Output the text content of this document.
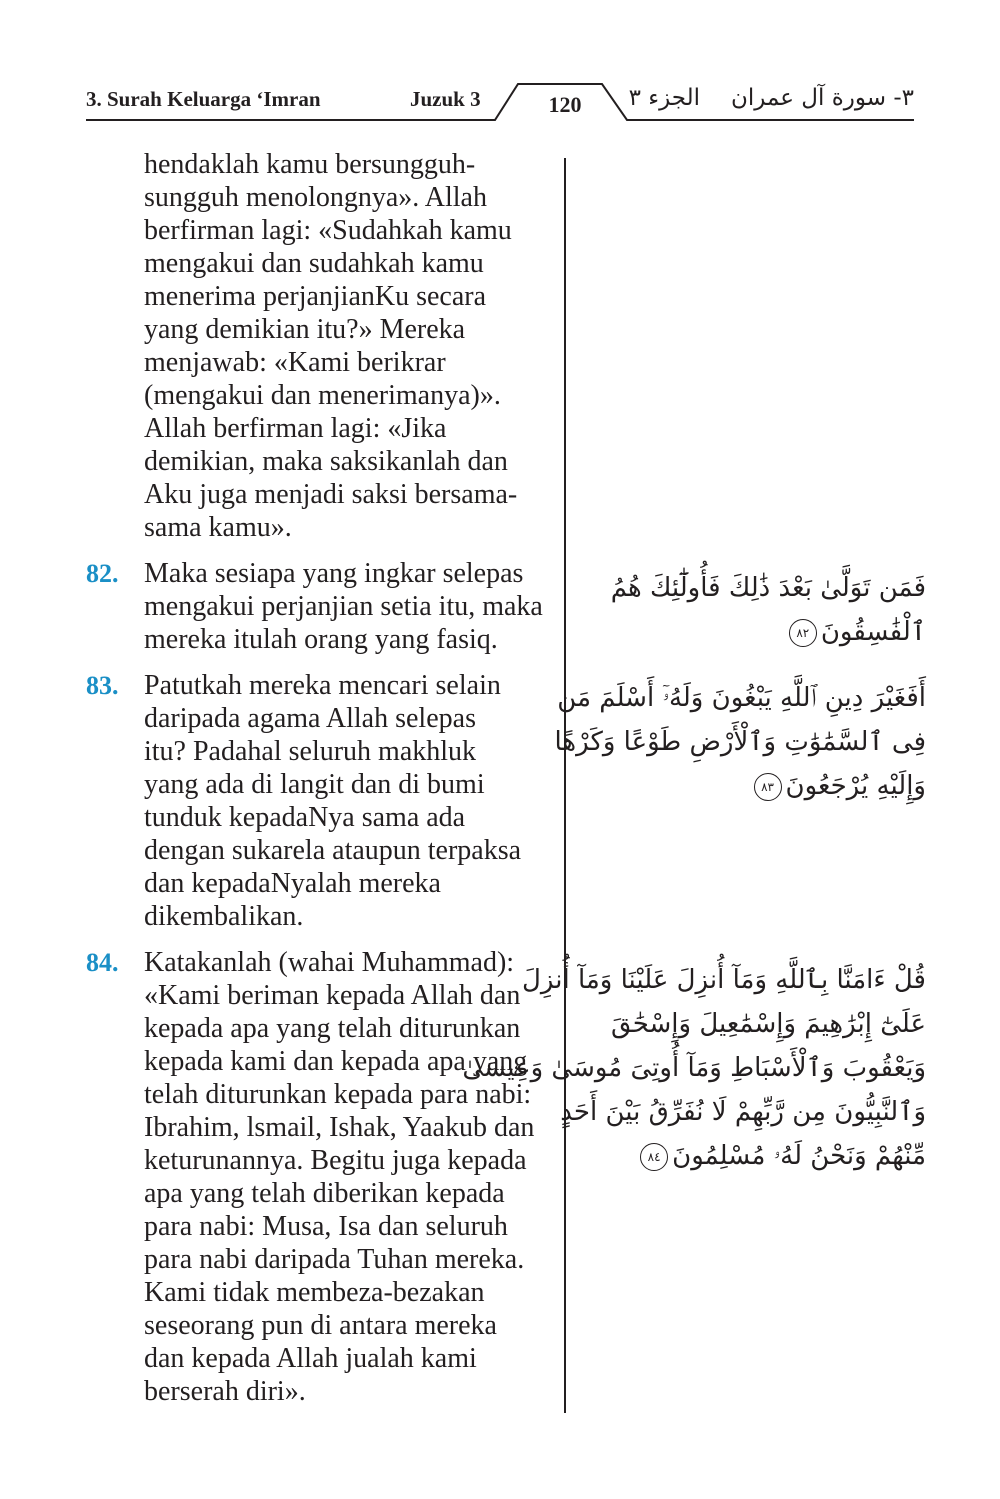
3. Surah Keluarga ‘Imran	Juzuk 3	120	الجزء ٣ ٣- سورة آل عمران
hendaklah kamu bersungguh-
sungguh menolongnya». Allah
berfirman lagi: «Sudahkah kamu
mengakui dan sudahkah kamu
menerima perjanjianKu secara
yang demikian itu?» Mereka
menjawab: «Kami berikrar
(mengakui dan menerimanya)».
Allah berfirman lagi: «Jika
demikian, maka saksikanlah dan
Aku juga menjadi saksi bersama-
sama kamu».
82. Maka sesiapa yang ingkar selepas
mengakui perjanjian setia itu, maka
mereka itulah orang yang fasiq.
83. Patutkah mereka mencari selain
daripada agama Allah selepas
itu? Padahal seluruh makhluk
yang ada di langit dan di bumi
tunduk kepadaNya sama ada
dengan sukarela ataupun terpaksa
dan kepadaNyalah mereka
dikembalikan.
84. Katakanlah (wahai Muhammad):
«Kami beriman kepada Allah dan
kepada apa yang telah diturunkan
kepada kami dan kepada apa yang
telah diturunkan kepada para nabi:
Ibrahim, lsmail, Ishak, Yaakub dan
keturunannya. Begitu juga kepada
apa yang telah diberikan kepada
para nabi: Musa, Isa dan seluruh
para nabi daripada Tuhan mereka.
Kami tidak membeza-bezakan
seseorang pun di antara mereka
dan kepada Allah jualah kami
berserah diri».
فَمَن تَوَلَّىٰ بَعْدَ ذَٰلِكَ فَأُولَٰٓئِكَ هُمُ
ٱلْفَٰسِقُونَ٨٢
أَفَغَيْرَ دِينِ ٱللَّهِ يَبْغُونَ وَلَهُۥٓ أَسْلَمَ مَن
فِى ٱلسَّمَٰوَٰتِ وَٱلْأَرْضِ طَوْعًا وَكَرْهًا
وَإِلَيْهِ يُرْجَعُونَ٨٣
قُلْ ءَامَنَّا بِٱللَّهِ وَمَآ أُنزِلَ عَلَيْنَا وَمَآ أُنزِلَ
عَلَىٰٓ إِبْرَٰهِيمَ وَإِسْمَٰعِيلَ وَإِسْحَٰقَ
وَيَعْقُوبَ وَٱلْأَسْبَاطِ وَمَآ أُوتِىَ مُوسَىٰ وَعِيسَىٰ
وَٱلنَّبِيُّونَ مِن رَّبِّهِمْ لَا نُفَرِّقُ بَيْنَ أَحَدٍ
مِّنْهُمْ وَنَحْنُ لَهُۥ مُسْلِمُونَ٨٤
